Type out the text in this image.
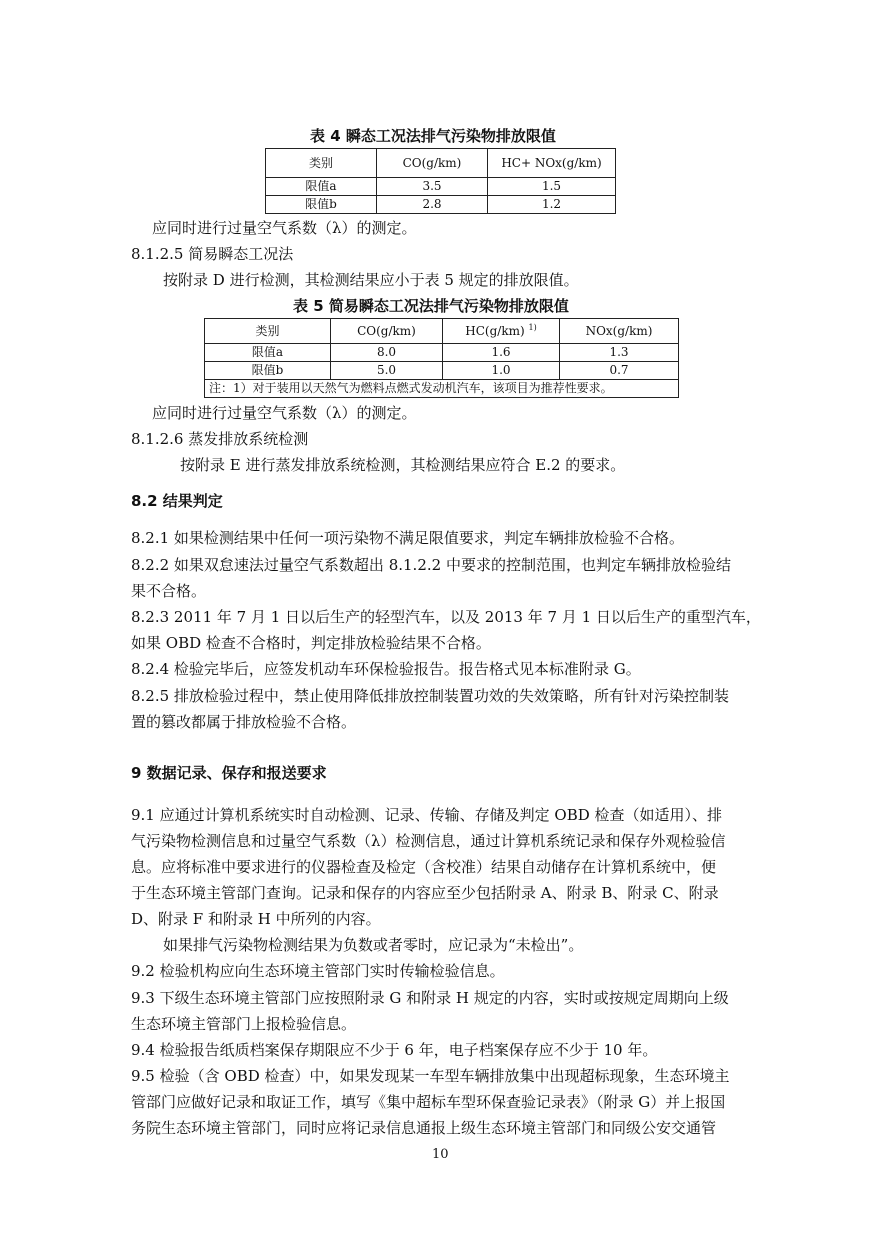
表 4 瞬态工况法排气污染物排放限值
类别	CO(g/km)	HC+ NOx(g/km)
限值a	3.5	1.5
限值b	2.8	1.2
应同时进行过量空气系数（λ）的测定。
8.1.2.5 简易瞬态工况法
按附录 D 进行检测，其检测结果应小于表 5 规定的排放限值。
表 5 简易瞬态工况法排气污染物排放限值
类别	CO(g/km)	HC(g/km) $^{1)}$	NOx(g/km)
限值a	8.0	1.6	1.3
限值b	5.0	1.0	0.7
注：1）对于装用以天然气为燃料点燃式发动机汽车，该项目为推荐性要求。			
应同时进行过量空气系数（λ）的测定。
8.1.2.6 蒸发排放系统检测
按附录 E 进行蒸发排放系统检测，其检测结果应符合 E.2 的要求。
8.2 结果判定
8.2.1 如果检测结果中任何一项污染物不满足限值要求，判定车辆排放检验不合格。
8.2.2 如果双怠速法过量空气系数超出 8.1.2.2 中要求的控制范围，也判定车辆排放检验结
果不合格。
8.2.3 2011 年 7 月 1 日以后生产的轻型汽车，以及 2013 年 7 月 1 日以后生产的重型汽车，
如果 OBD 检查不合格时，判定排放检验结果不合格。
8.2.4 检验完毕后，应签发机动车环保检验报告。报告格式见本标准附录 G。
8.2.5 排放检验过程中，禁止使用降低排放控制装置功效的失效策略，所有针对污染控制装
置的篡改都属于排放检验不合格。
9 数据记录、保存和报送要求
9.1 应通过计算机系统实时自动检测、记录、传输、存储及判定 OBD 检查（如适用）、排
气污染物检测信息和过量空气系数（λ）检测信息，通过计算机系统记录和保存外观检验信
息。应将标准中要求进行的仪器检查及检定（含校准）结果自动储存在计算机系统中，便
于生态环境主管部门查询。记录和保存的内容应至少包括附录 A、附录 B、附录 C、附录
D、附录 F 和附录 H 中所列的内容。
如果排气污染物检测结果为负数或者零时，应记录为“未检出”。
9.2 检验机构应向生态环境主管部门实时传输检验信息。
9.3 下级生态环境主管部门应按照附录 G 和附录 H 规定的内容，实时或按规定周期向上级
生态环境主管部门上报检验信息。
9.4 检验报告纸质档案保存期限应不少于 6 年，电子档案保存应不少于 10 年。
9.5 检验（含 OBD 检查）中，如果发现某一车型车辆排放集中出现超标现象，生态环境主
管部门应做好记录和取证工作，填写《集中超标车型环保查验记录表》（附录 G）并上报国
务院生态环境主管部门，同时应将记录信息通报上级生态环境主管部门和同级公安交通管
10
